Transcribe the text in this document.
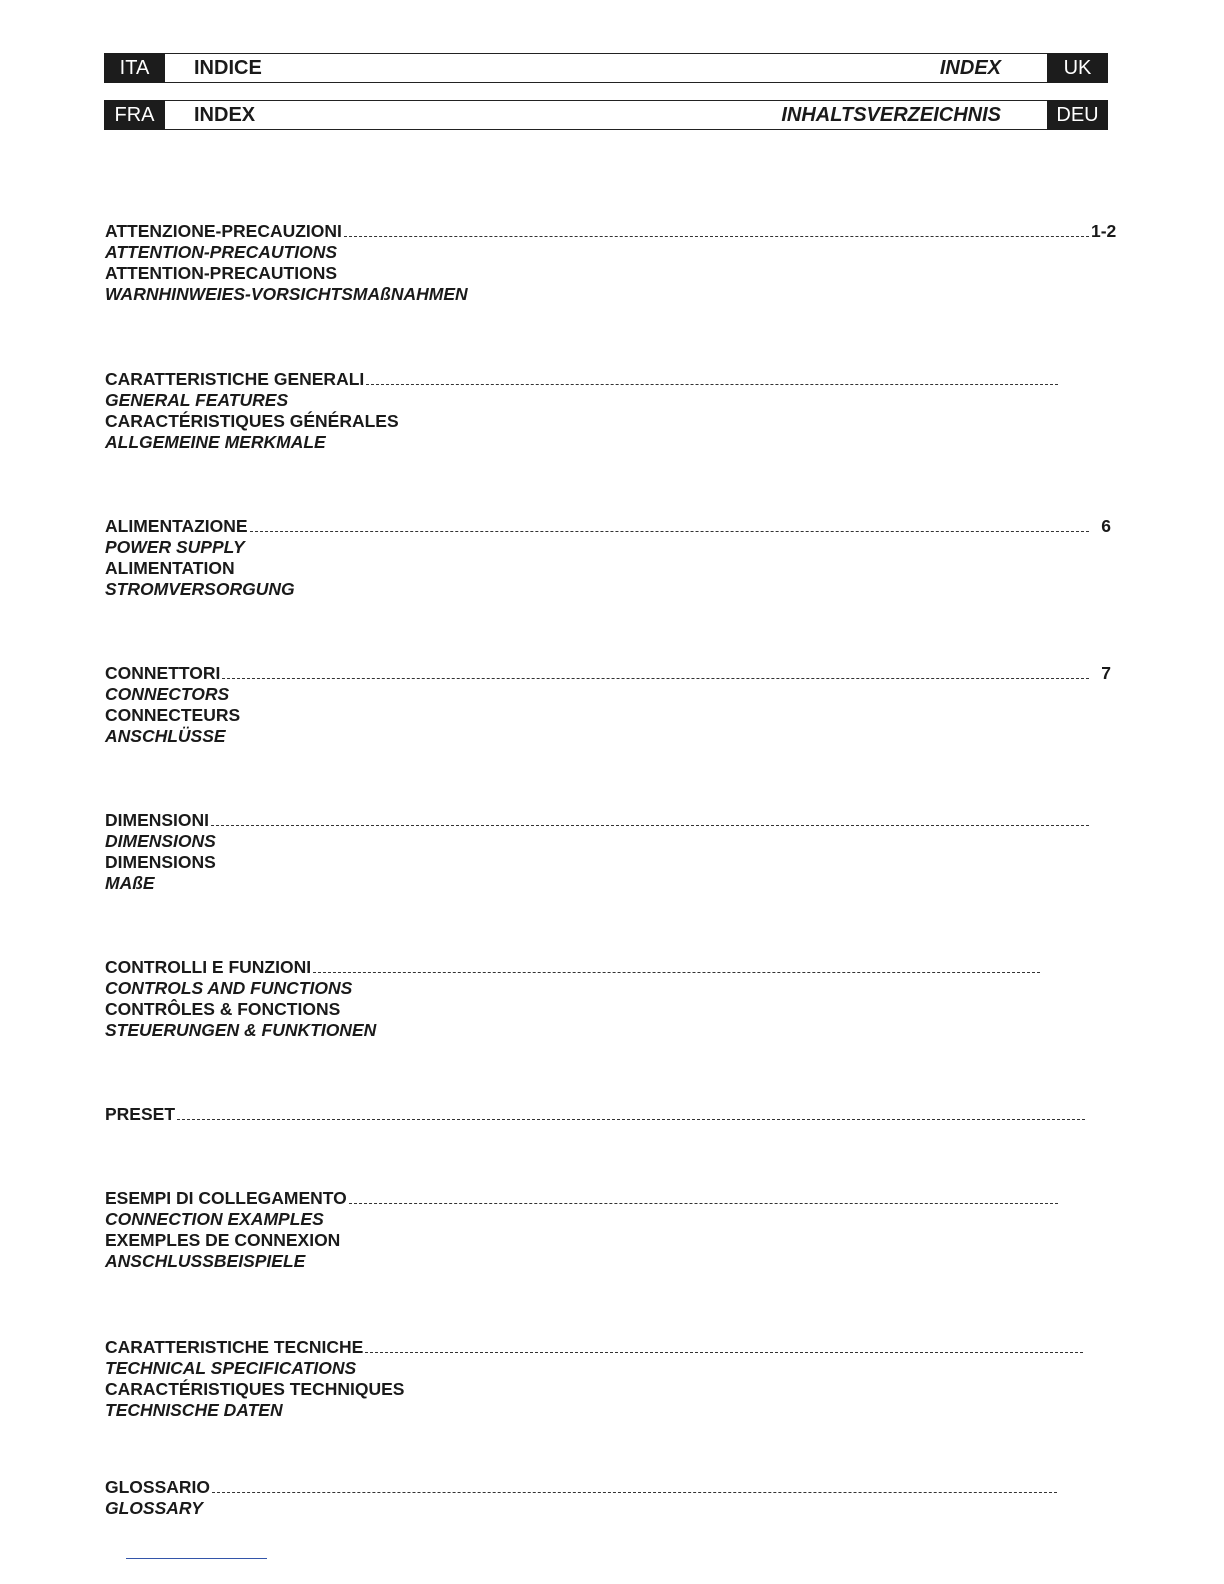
ITA	INDICE	INDEX	UK
FRA	INDEX	INHALTSVERZEICHNIS	DEU
ATTENZIONE-PRECAUZIONI	1-2
ATTENTION-PRECAUTIONS
ATTENTION-PRECAUTIONS
WARNHINWEIES-VORSICHTSMAßNAHMEN
CARATTERISTICHE GENERALI
GENERAL FEATURES
CARACTÉRISTIQUES GÉNÉRALES
ALLGEMEINE MERKMALE
ALIMENTAZIONE	6
POWER SUPPLY
ALIMENTATION
STROMVERSORGUNG
CONNETTORI	7
CONNECTORS
CONNECTEURS
ANSCHLÜSSE
DIMENSIONI
DIMENSIONS
DIMENSIONS
MAßE
CONTROLLI E FUNZIONI
CONTROLS AND FUNCTIONS
CONTRÔLES & FONCTIONS
STEUERUNGEN & FUNKTIONEN
PRESET
ESEMPI DI COLLEGAMENTO
CONNECTION EXAMPLES
EXEMPLES DE CONNEXION
ANSCHLUSSBEISPIELE
CARATTERISTICHE TECNICHE
TECHNICAL SPECIFICATIONS
CARACTÉRISTIQUES TECHNIQUES
TECHNISCHE DATEN
GLOSSARIO
GLOSSARY
